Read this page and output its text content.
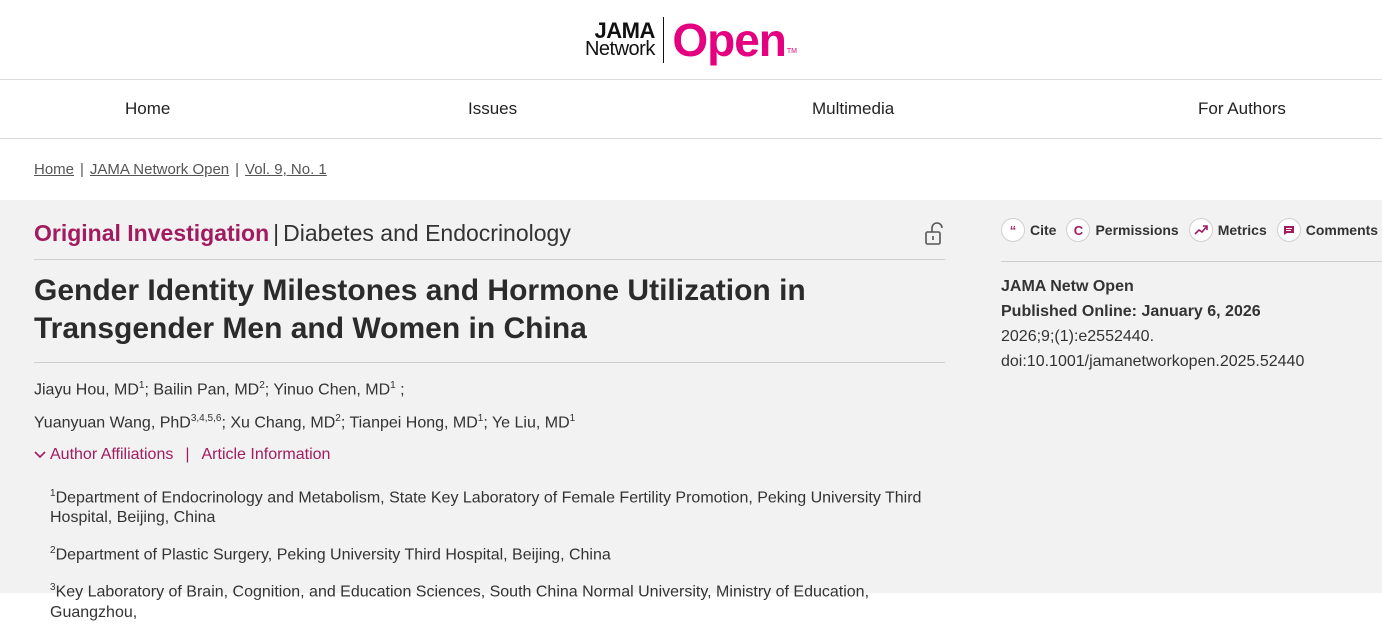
JAMA
Network Open TM
Home	Issues	Multimedia	For Authors
Home | JAMA Network Open | Vol. 9, No. 1
Original Investigation | Diabetes and Endocrinology
Gender Identity Milestones and Hormone Utilization in Transgender Men and Women in China
Jiayu Hou, $MD^1$; Bailin Pan, $MD^2$; Yinuo Chen, $MD^1$ ;
Yuanyuan Wang, PhD$^{3,4,5,6}$; Xu Chang, $MD^2$; Tianpei Hong, $MD^1$; Ye Liu, $MD^1$
Author Affiliations | Article Information

$^1$Department of Endocrinology and Metabolism, State Key Laboratory of Female Fertility Promotion, Peking University Third Hospital, Beijing, China

$^2$Department of Plastic Surgery, Peking University Third Hospital, Beijing, China

$^3$Key Laboratory of Brain, Cognition, and Education Sciences, South China Normal University, Ministry of Education, Guangzhou,

“ Cite	C Permissions	Metrics	Comments
JAMA Netw Open
Published Online: January 6, 2026
2026;9;(1):e2552440.
doi:10.1001/jamanetworkopen.2025.52440
